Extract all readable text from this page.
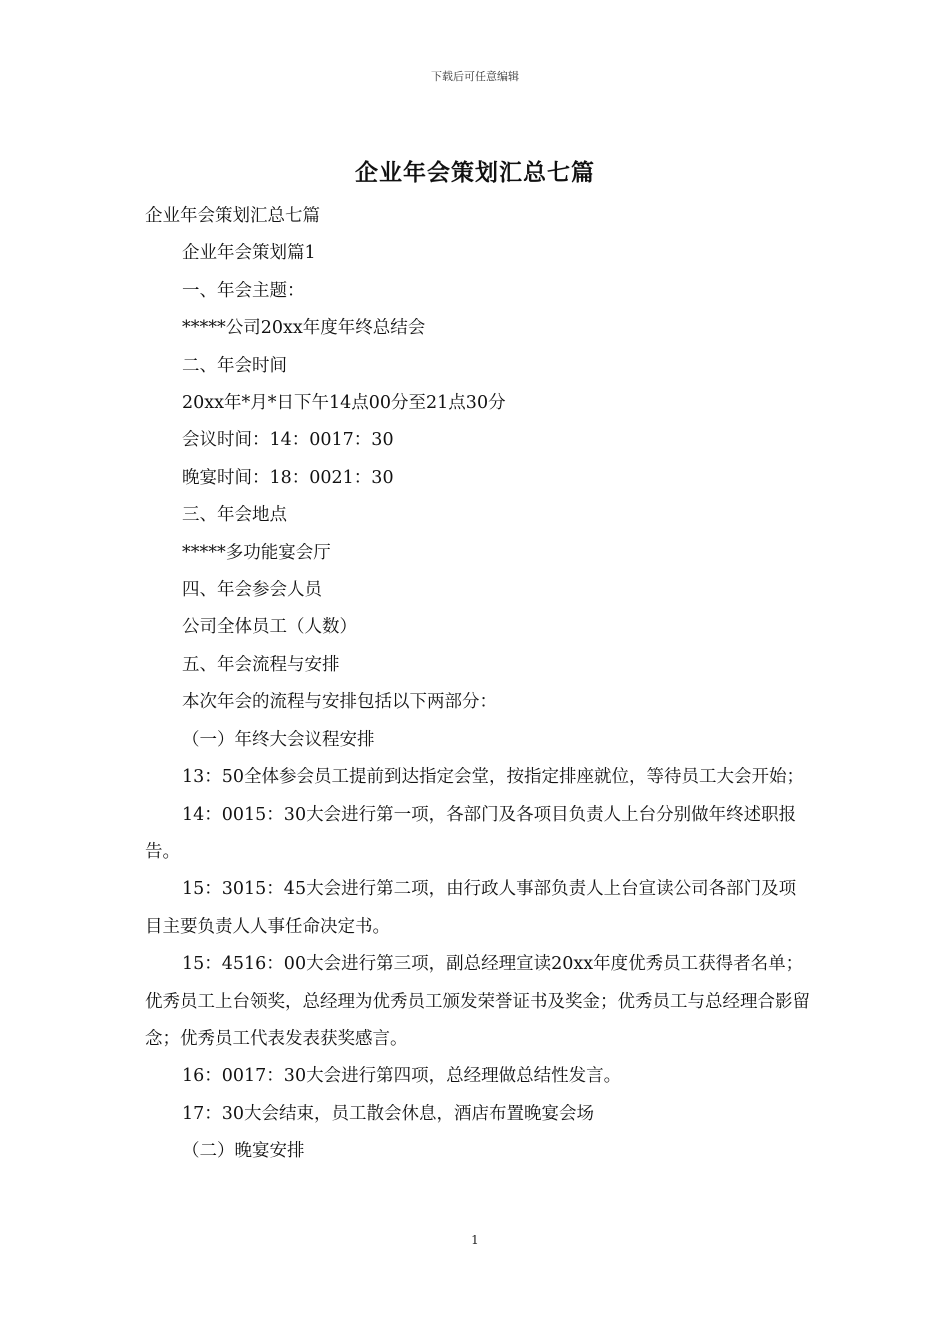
下载后可任意编辑
企业年会策划汇总七篇

企业年会策划汇总七篇

企业年会策划篇1

一、年会主题：

*****公司20xx年度年终总结会

二、年会时间

20xx年*月*日下午14点00分至21点30分

会议时间：14：0017：30

晚宴时间：18：0021：30

三、年会地点

*****多功能宴会厅

四、年会参会人员

公司全体员工（人数）

五、年会流程与安排

本次年会的流程与安排包括以下两部分：

（一）年终大会议程安排

13：50全体参会员工提前到达指定会堂，按指定排座就位，等待员工大会开始；

14：0015：30大会进行第一项，各部门及各项目负责人上台分别做年终述职报告。

15：3015：45大会进行第二项，由行政人事部负责人上台宣读公司各部门及项目主要负责人人事任命决定书。

15：4516：00大会进行第三项，副总经理宣读20xx年度优秀员工获得者名单；优秀员工上台领奖，总经理为优秀员工颁发荣誉证书及奖金；优秀员工与总经理合影留念；优秀员工代表发表获奖感言。

16：0017：30大会进行第四项，总经理做总结性发言。

17：30大会结束，员工散会休息，酒店布置晚宴会场

（二）晚宴安排

1
